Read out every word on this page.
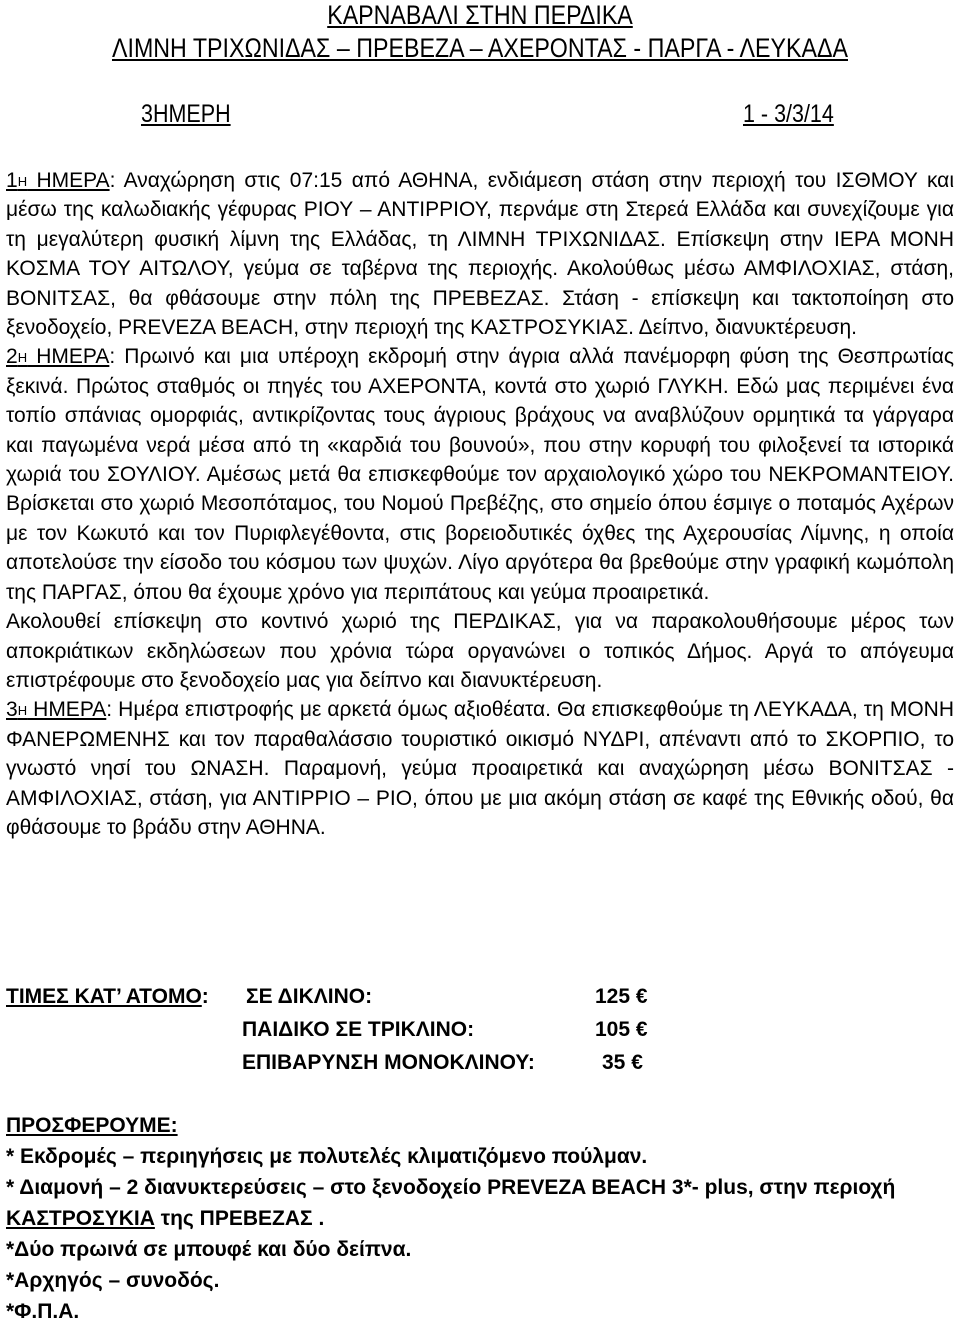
ΚΑΡΝΑΒΑΛΙ ΣΤΗΝ ΠΕΡΔΙΚΑ
ΛΙΜΝΗ ΤΡΙΧΩΝΙΔΑΣ – ΠΡΕΒΕΖΑ – ΑΧΕΡΟΝΤΑΣ - ΠΑΡΓΑ - ΛΕΥΚΑΔΑ
3ΗΜΕΡΗ	1 - 3/3/14

$1^H$ ΗΜΕΡΑ: Αναχώρηση στις 07:15 από ΑΘΗΝΑ, ενδιάμεση στάση στην περιοχή του ΙΣΘΜΟΥ και μέσω της καλωδιακής γέφυρας ΡΙΟΥ – ΑΝΤΙΡΡΙΟΥ, περνάμε στη Στερεά Ελλάδα και συνεχίζουμε για τη μεγαλύτερη φυσική λίμνη της Ελλάδας, τη ΛΙΜΝΗ ΤΡΙΧΩΝΙΔΑΣ. Επίσκεψη στην ΙΕΡΑ ΜΟΝΗ ΚΟΣΜΑ ΤΟΥ ΑΙΤΩΛΟΥ, γεύμα σε ταβέρνα της περιοχής. Ακολούθως μέσω ΑΜΦΙΛΟΧΙΑΣ, στάση, ΒΟΝΙΤΣΑΣ, θα φθάσουμε στην πόλη της ΠΡΕΒΕΖΑΣ. Στάση - επίσκεψη και τακτοποίηση στο ξενοδοχείο, PREVEZA BEACH, στην περιοχή της ΚΑΣΤΡΟΣΥΚΙΑΣ. Δείπνο, διανυκτέρευση.

$2^H$ ΗΜΕΡΑ: Πρωινό και μια υπέροχη εκδρομή στην άγρια αλλά πανέμορφη φύση της Θεσπρωτίας ξεκινά. Πρώτος σταθμός οι πηγές του ΑΧΕΡΟΝΤΑ, κοντά στο χωριό ΓΛΥΚΗ. Εδώ μας περιμένει ένα τοπίο σπάνιας ομορφιάς, αντικρίζοντας τους άγριους βράχους να αναβλύζουν ορμητικά τα γάργαρα και παγωμένα νερά μέσα από τη «καρδιά του βουνού», που στην κορυφή του φιλοξενεί τα ιστορικά χωριά του ΣΟΥΛΙΟΥ. Αμέσως μετά θα επισκεφθούμε τον αρχαιολογικό χώρο του ΝΕΚΡΟΜΑΝΤΕΙΟΥ. Βρίσκεται στο χωριό Μεσοπόταμος, του Νομού Πρεβέζης, στο σημείο όπου έσμιγε ο ποταμός Αχέρων με τον Κωκυτό και τον Πυριφλεγέθοντα, στις βορειοδυτικές όχθες της Αχερουσίας Λίμνης, η οποία αποτελούσε την είσοδο του κόσμου των ψυχών. Λίγο αργότερα θα βρεθούμε στην γραφική κωμόπολη της ΠΑΡΓΑΣ, όπου θα έχουμε χρόνο για περιπάτους και γεύμα προαιρετικά.

Ακολουθεί επίσκεψη στο κοντινό χωριό της ΠΕΡΔΙΚΑΣ, για να παρακολουθήσουμε μέρος των αποκριάτικων εκδηλώσεων που χρόνια τώρα οργανώνει ο τοπικός Δήμος. Αργά το απόγευμα επιστρέφουμε στο ξενοδοχείο μας για δείπνο και διανυκτέρευση.

$3^H$ ΗΜΕΡΑ: Ημέρα επιστροφής με αρκετά όμως αξιοθέατα. Θα επισκεφθούμε τη ΛΕΥΚΑΔΑ, τη ΜΟΝΗ ΦΑΝΕΡΩΜΕΝΗΣ και τον παραθαλάσσιο τουριστικό οικισμό ΝΥΔΡΙ, απέναντι από το ΣΚΟΡΠΙΟ, το γνωστό νησί του ΩΝΑΣΗ. Παραμονή, γεύμα προαιρετικά και αναχώρηση μέσω ΒΟΝΙΤΣΑΣ - ΑΜΦΙΛΟΧΙΑΣ, στάση, για ΑΝΤΙΡΡΙΟ – ΡΙΟ, όπου με μια ακόμη στάση σε καφέ της Εθνικής οδού, θα φθάσουμε το βράδυ στην ΑΘΗΝΑ.

ΤΙΜΕΣ ΚΑΤ’ ΑΤΟΜΟ: ΣΕ ΔΙΚΛΙΝΟ:	125 €
ΠΑΙΔΙΚΟ ΣΕ ΤΡΙΚΛΙΝΟ:	105 €
ΕΠΙΒΑΡΥΝΣΗ ΜΟΝΟΚΛΙΝΟΥ:	35 €

ΠΡΟΣΦΕΡΟΥΜΕ:

* Εκδρομές – περιηγήσεις με πολυτελές κλιματιζόμενο πούλμαν.

* Διαμονή – 2 διανυκτερεύσεις – στο ξενοδοχείο PREVEZA BEACH 3*- plus, στην περιοχή ΚΑΣΤΡΟΣΥΚΙΑ της ΠΡΕΒΕΖΑΣ .

*Δύο πρωινά σε μπουφέ και δύο δείπνα.

*Αρχηγός – συνοδός.

*Φ.Π.Α.
